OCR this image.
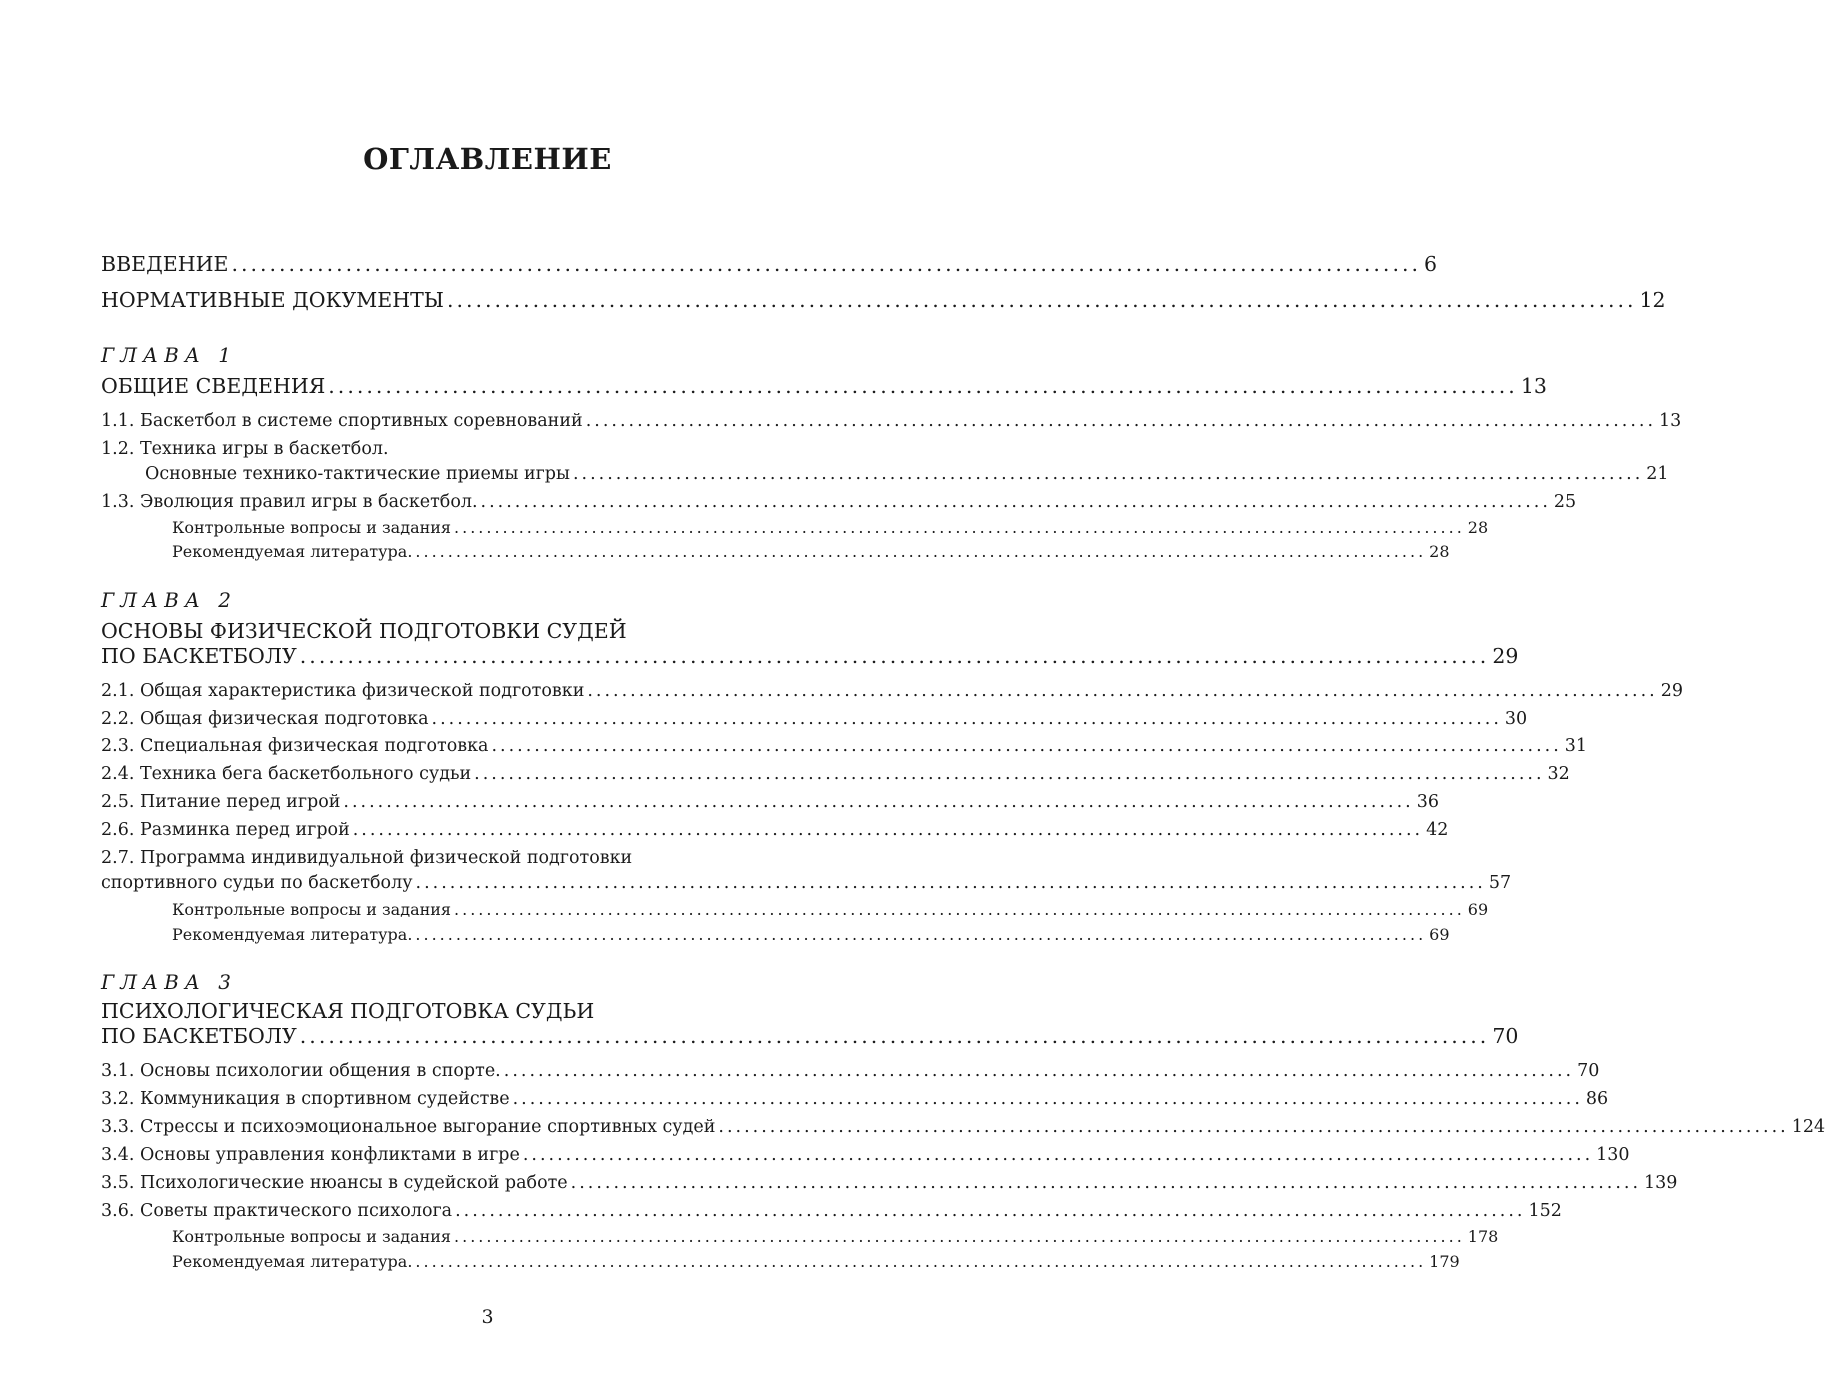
ОГЛАВЛЕНИЕ
ВВЕДЕНИЕ ............................................................................................................................. 6
НОРМАТИВНЫЕ ДОКУМЕНТЫ ............................................................................................................................. 12
ГЛАВА 1
ОБЩИЕ СВЕДЕНИЯ ............................................................................................................................. 13
1.1. Баскетбол в системе спортивных соревнований ............................................................................................................................. 13
1.2. Техника игры в баскетбол.
Основные технико-тактические приемы игры ............................................................................................................................. 21
1.3. Эволюция правил игры в баскетбол. ............................................................................................................................. 25
Контрольные вопросы и задания ............................................................................................................................. 28
Рекомендуемая литература. ............................................................................................................................. 28
ГЛАВА 2
ОСНОВЫ ФИЗИЧЕСКОЙ ПОДГОТОВКИ СУДЕЙ
ПО БАСКЕТБОЛУ ............................................................................................................................. 29
2.1. Общая характеристика физической подготовки ............................................................................................................................. 29
2.2. Общая физическая подготовка ............................................................................................................................. 30
2.3. Специальная физическая подготовка ............................................................................................................................. 31
2.4. Техника бега баскетбольного судьи ............................................................................................................................. 32
2.5. Питание перед игрой ............................................................................................................................. 36
2.6. Разминка перед игрой ............................................................................................................................. 42
2.7. Программа индивидуальной физической подготовки
спортивного судьи по баскетболу ............................................................................................................................. 57
Контрольные вопросы и задания ............................................................................................................................. 69
Рекомендуемая литература. ............................................................................................................................. 69
ГЛАВА 3
ПСИХОЛОГИЧЕСКАЯ ПОДГОТОВКА СУДЬИ
ПО БАСКЕТБОЛУ ............................................................................................................................. 70
3.1. Основы психологии общения в спорте. ............................................................................................................................. 70
3.2. Коммуникация в спортивном судействе ............................................................................................................................. 86
3.3. Стрессы и психоэмоциональное выгорание спортивных судей ............................................................................................................................. 124
3.4. Основы управления конфликтами в игре ............................................................................................................................. 130
3.5. Психологические нюансы в судейской работе ............................................................................................................................. 139
3.6. Советы практического психолога ............................................................................................................................. 152
Контрольные вопросы и задания ............................................................................................................................. 178
Рекомендуемая литература. ............................................................................................................................. 179
3
